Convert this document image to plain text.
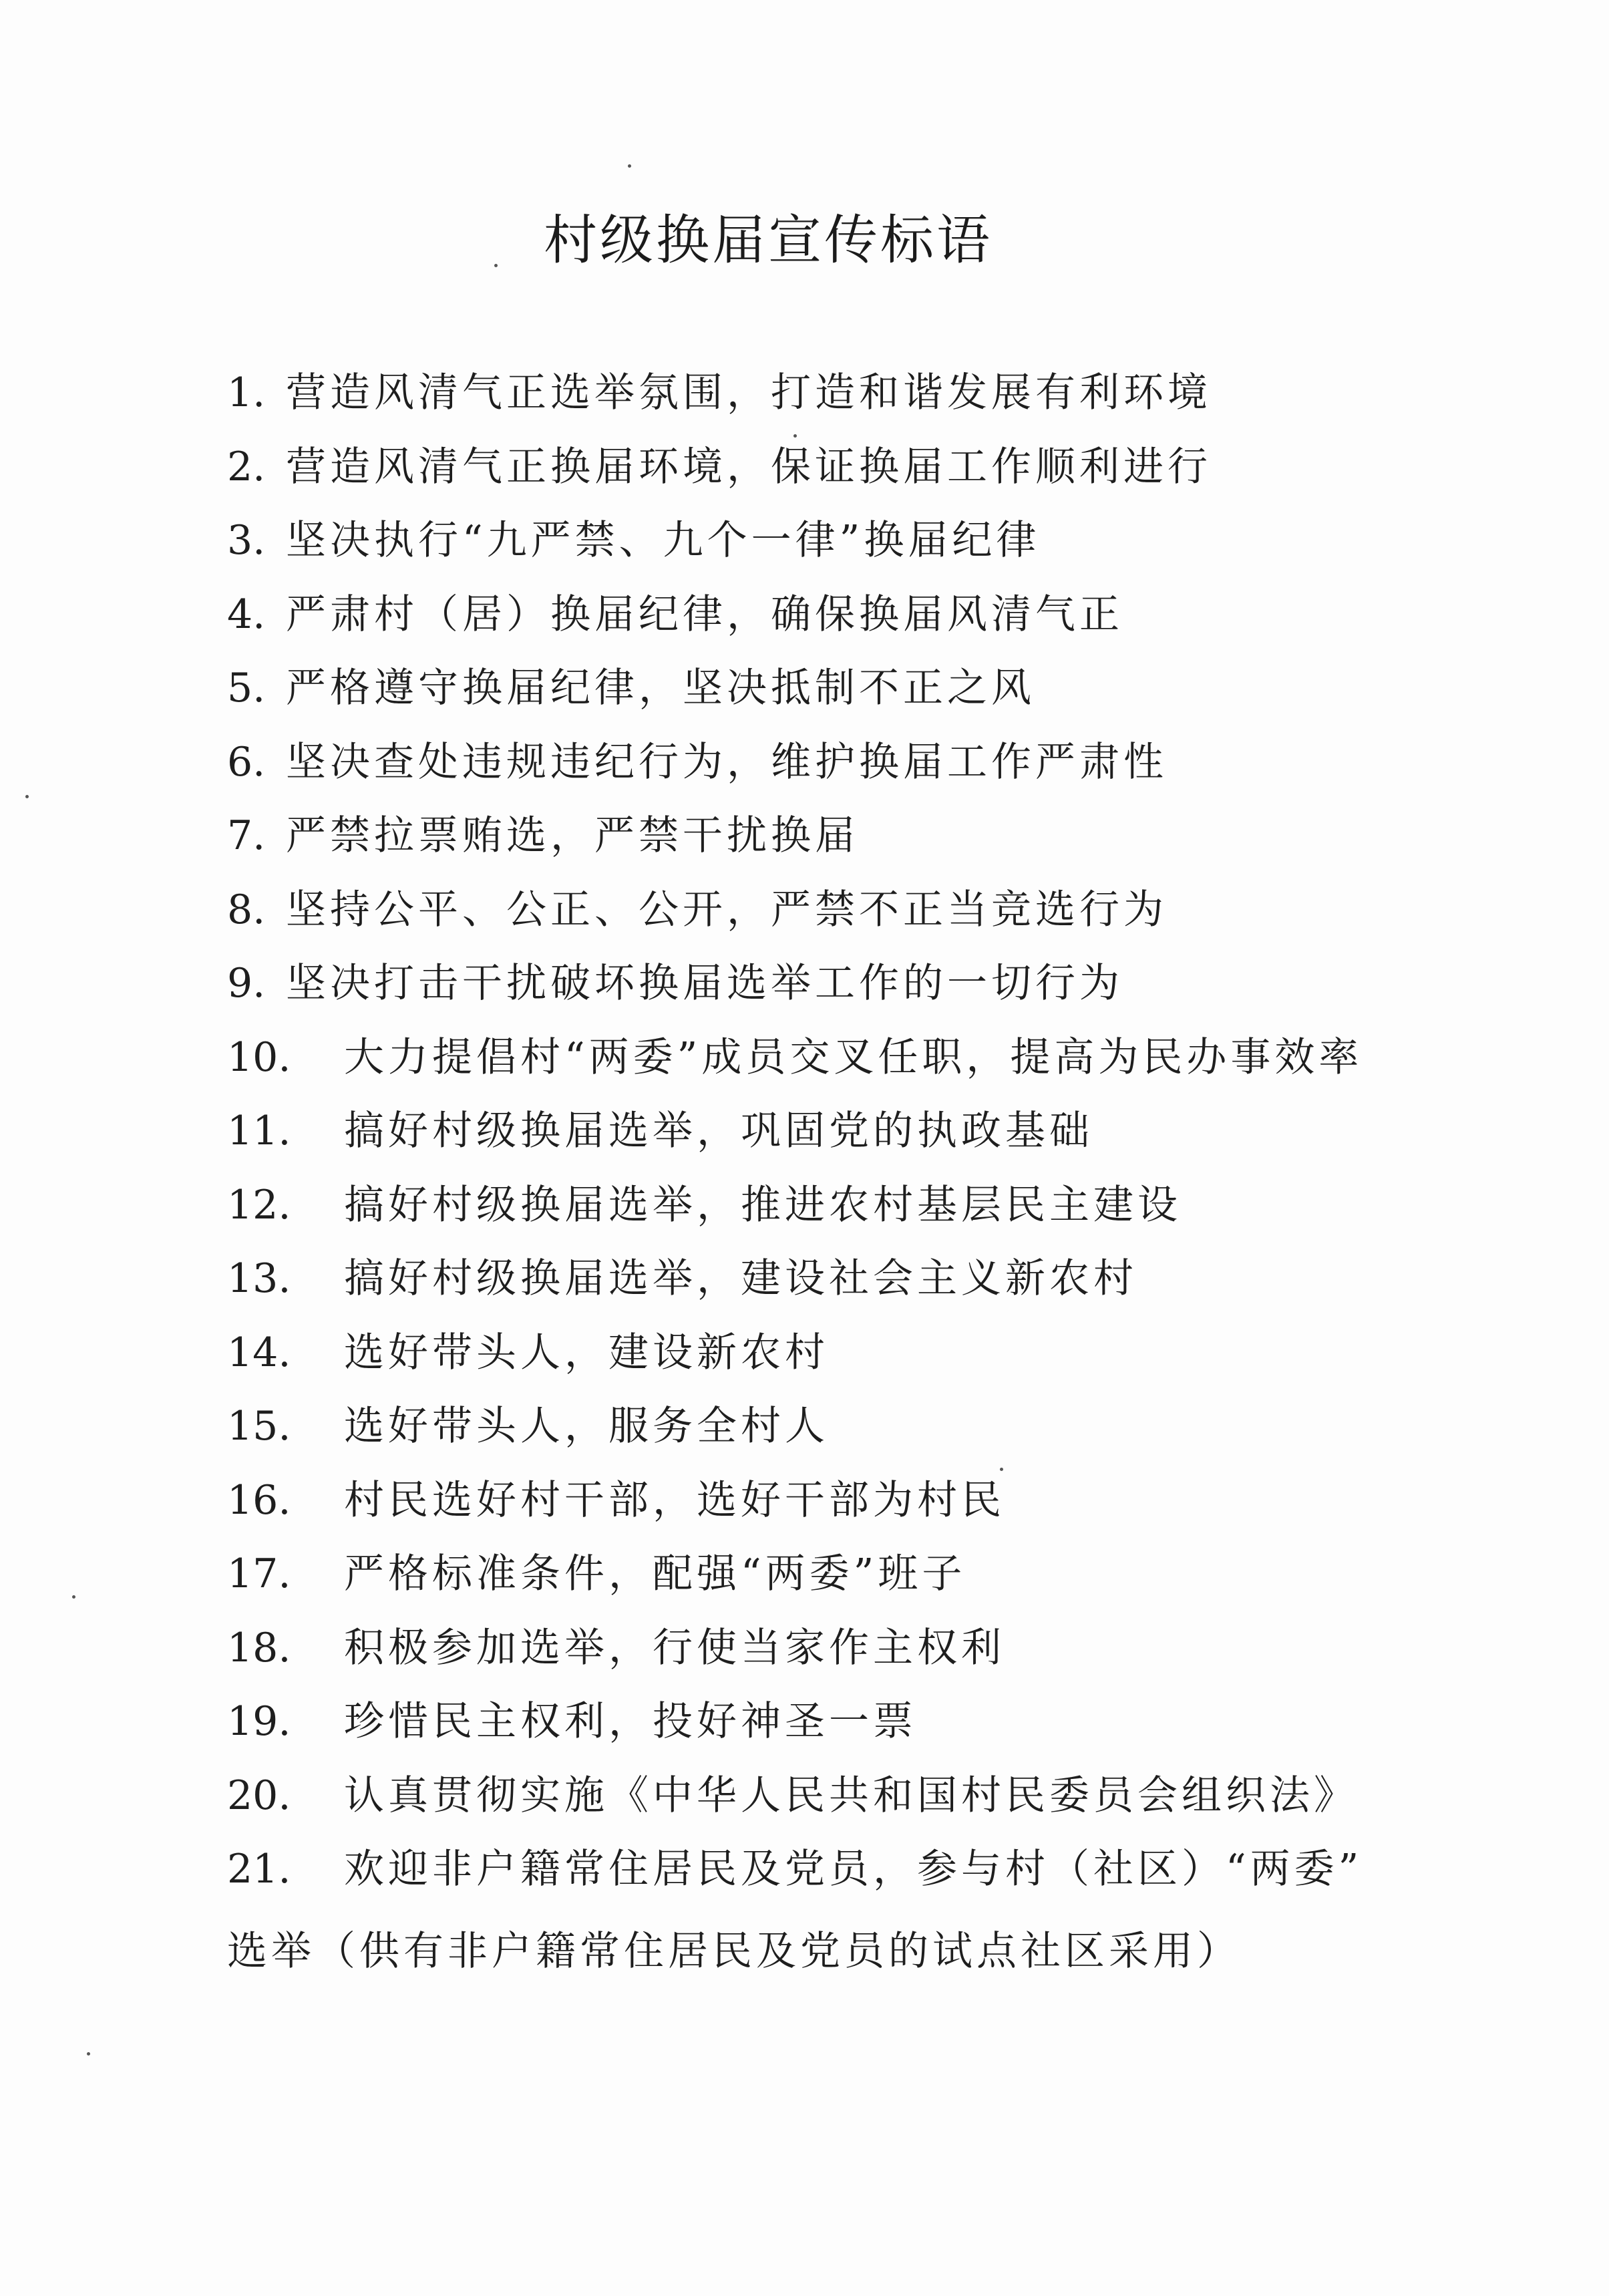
村级换届宣传标语
1. 营造风清气正选举氛围，打造和谐发展有利环境
2. 营造风清气正换届环境，保证换届工作顺利进行
3. 坚决执行“九严禁、九个一律”换届纪律
4. 严肃村（居）换届纪律，确保换届风清气正
5. 严格遵守换届纪律，坚决抵制不正之风
6. 坚决查处违规违纪行为，维护换届工作严肃性
7. 严禁拉票贿选，严禁干扰换届
8. 坚持公平、公正、公开，严禁不正当竞选行为
9. 坚决打击干扰破坏换届选举工作的一切行为
10. 大力提倡村“两委”成员交叉任职，提高为民办事效率
11. 搞好村级换届选举，巩固党的执政基础
12. 搞好村级换届选举，推进农村基层民主建设
13. 搞好村级换届选举，建设社会主义新农村
14. 选好带头人，建设新农村
15. 选好带头人，服务全村人
16. 村民选好村干部，选好干部为村民
17. 严格标准条件，配强“两委”班子
18. 积极参加选举，行使当家作主权利
19. 珍惜民主权利，投好神圣一票
20. 认真贯彻实施《中华人民共和国村民委员会组织法》
21. 欢迎非户籍常住居民及党员，参与村（社区）“两委”
选举（供有非户籍常住居民及党员的试点社区采用）
